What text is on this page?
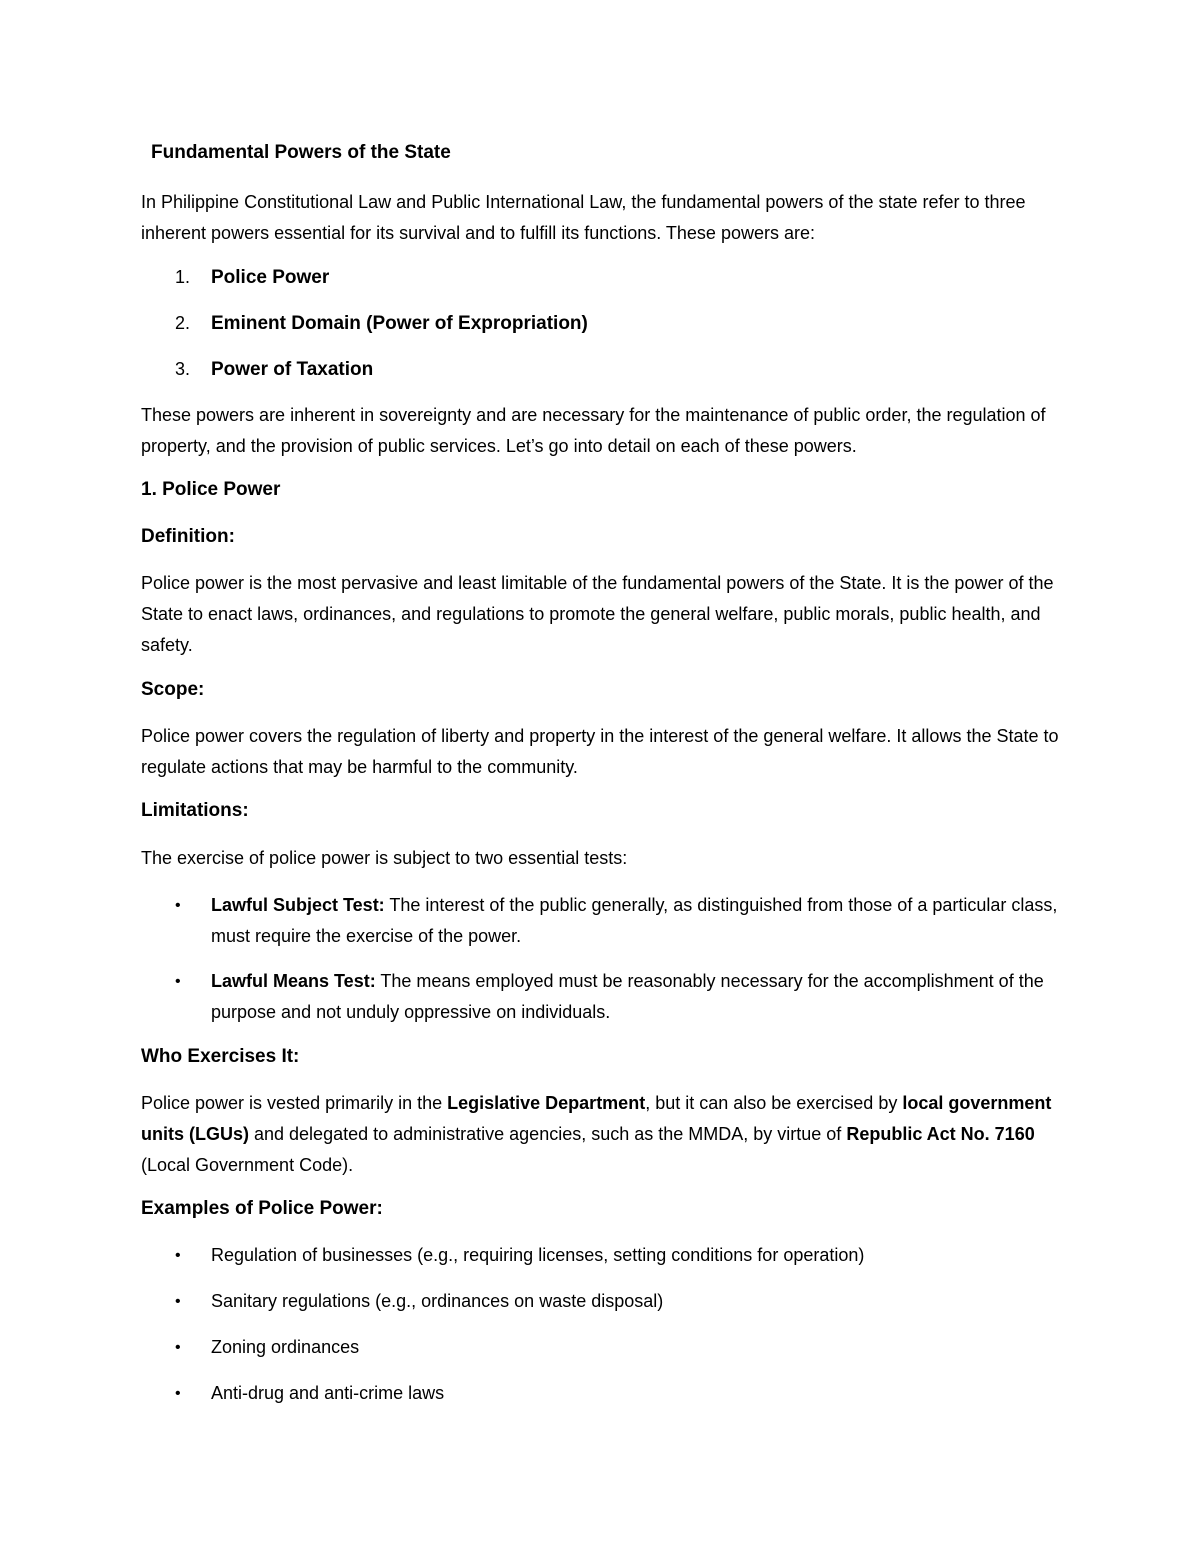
Fundamental Powers of the State
In Philippine Constitutional Law and Public International Law, the fundamental powers of the state refer to three inherent powers essential for its survival and to fulfill its functions. These powers are:
1. Police Power
2. Eminent Domain (Power of Expropriation)
3. Power of Taxation
These powers are inherent in sovereignty and are necessary for the maintenance of public order, the regulation of property, and the provision of public services. Let’s go into detail on each of these powers.
1. Police Power
Definition:
Police power is the most pervasive and least limitable of the fundamental powers of the State. It is the power of the State to enact laws, ordinances, and regulations to promote the general welfare, public morals, public health, and safety.
Scope:
Police power covers the regulation of liberty and property in the interest of the general welfare. It allows the State to regulate actions that may be harmful to the community.
Limitations:
The exercise of police power is subject to two essential tests:
• Lawful Subject Test: The interest of the public generally, as distinguished from those of a particular class, must require the exercise of the power.
• Lawful Means Test: The means employed must be reasonably necessary for the accomplishment of the purpose and not unduly oppressive on individuals.
Who Exercises It:
Police power is vested primarily in the Legislative Department, but it can also be exercised by local government units (LGUs) and delegated to administrative agencies, such as the MMDA, by virtue of Republic Act No. 7160 (Local Government Code).
Examples of Police Power:
• Regulation of businesses (e.g., requiring licenses, setting conditions for operation)
• Sanitary regulations (e.g., ordinances on waste disposal)
• Zoning ordinances
• Anti-drug and anti-crime laws
